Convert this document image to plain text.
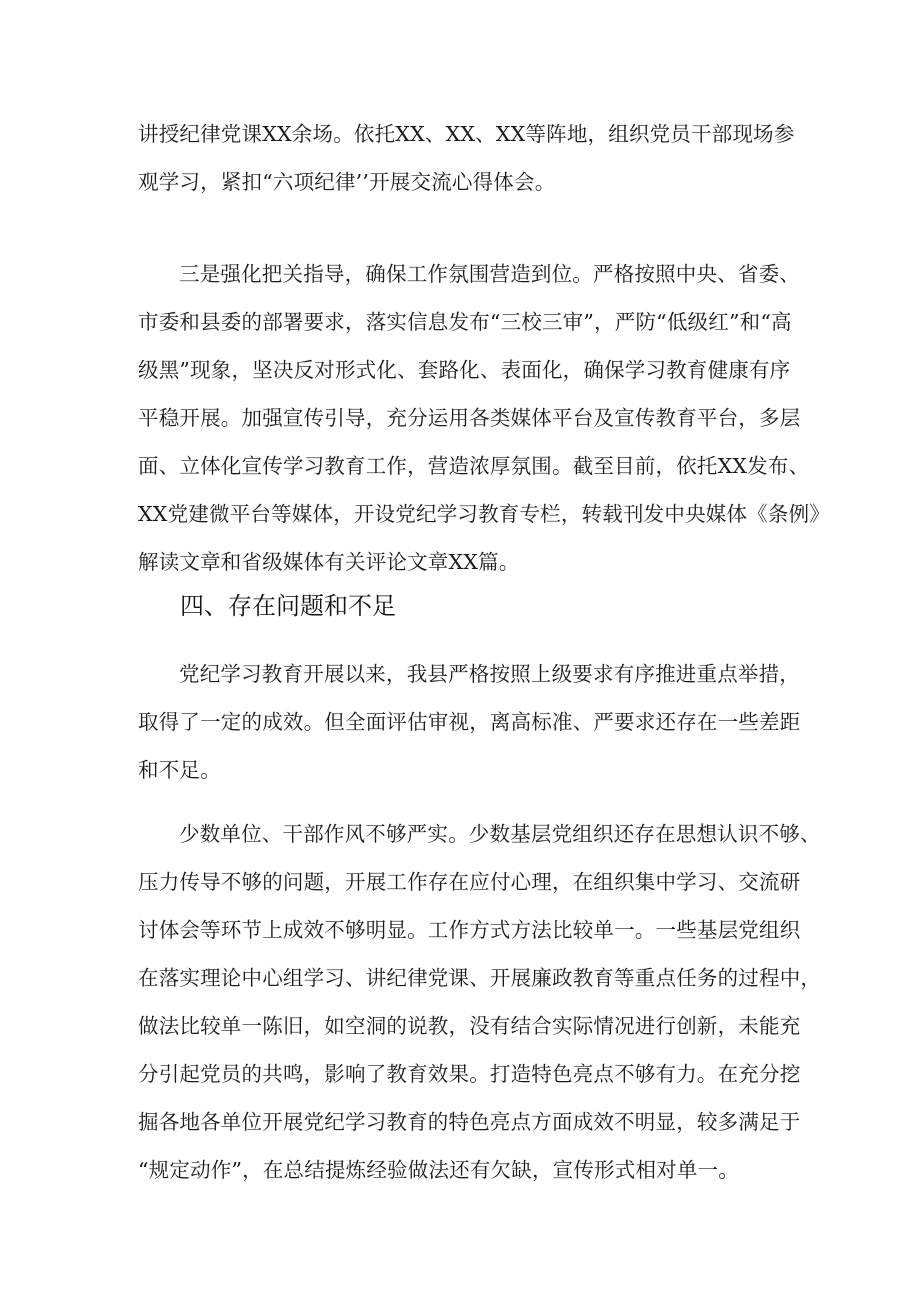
讲授纪律党课XX余场。依托XX、XX、XX等阵地，组织党员干部现场参
观学习，紧扣“六项纪律’’开展交流心得体会。

三是强化把关指导，确保工作氛围营造到位。严格按照中央、省委、
市委和县委的部署要求，落实信息发布“三校三审”，严防“低级红”和“高
级黑”现象，坚决反对形式化、套路化、表面化，确保学习教育健康有序
平稳开展。加强宣传引导，充分运用各类媒体平台及宣传教育平台，多层
面、立体化宣传学习教育工作，营造浓厚氛围。截至目前，依托XX发布、
XX党建微平台等媒体，开设党纪学习教育专栏，转载刊发中央媒体《条例》
解读文章和省级媒体有关评论文章XX篇。

四、存在问题和不足

党纪学习教育开展以来，我县严格按照上级要求有序推进重点举措，
取得了一定的成效。但全面评估审视，离高标准、严要求还存在一些差距
和不足。

少数单位、干部作风不够严实。少数基层党组织还存在思想认识不够、
压力传导不够的问题，开展工作存在应付心理，在组织集中学习、交流研
讨体会等环节上成效不够明显。工作方式方法比较单一。一些基层党组织
在落实理论中心组学习、讲纪律党课、开展廉政教育等重点任务的过程中，
做法比较单一陈旧，如空洞的说教，没有结合实际情况进行创新，未能充
分引起党员的共鸣，影响了教育效果。打造特色亮点不够有力。在充分挖
掘各地各单位开展党纪学习教育的特色亮点方面成效不明显，较多满足于
“规定动作”，在总结提炼经验做法还有欠缺，宣传形式相对单一。
